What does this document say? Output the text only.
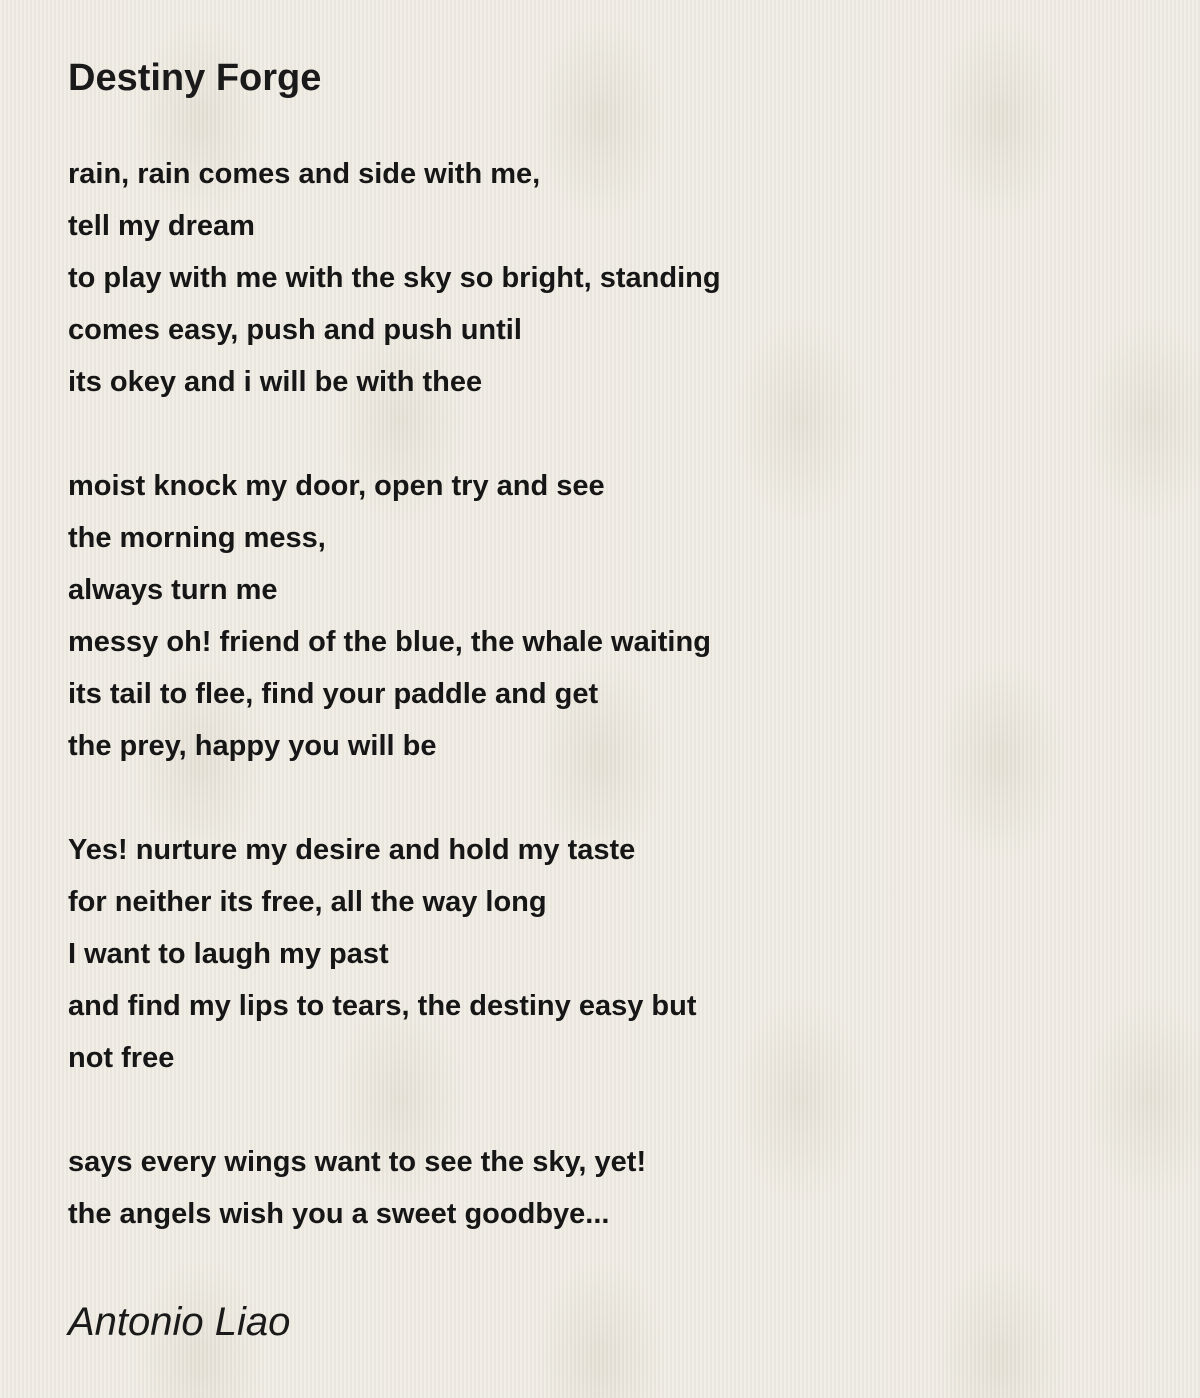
Destiny Forge
rain, rain comes and side with me,
tell my dream
to play with me with the sky so bright, standing
comes easy, push and push until
its okey and i will be with thee
moist knock my door, open try and see
the morning mess,
always turn me
messy oh! friend of the blue, the whale waiting
its tail to flee, find your paddle and get
the prey, happy you will be
Yes! nurture my desire and hold my taste
for neither its free, all the way long
I want to laugh my past
and find my lips to tears, the destiny easy but
not free
says every wings want to see the sky, yet!
the angels wish you a sweet goodbye...
Antonio Liao
